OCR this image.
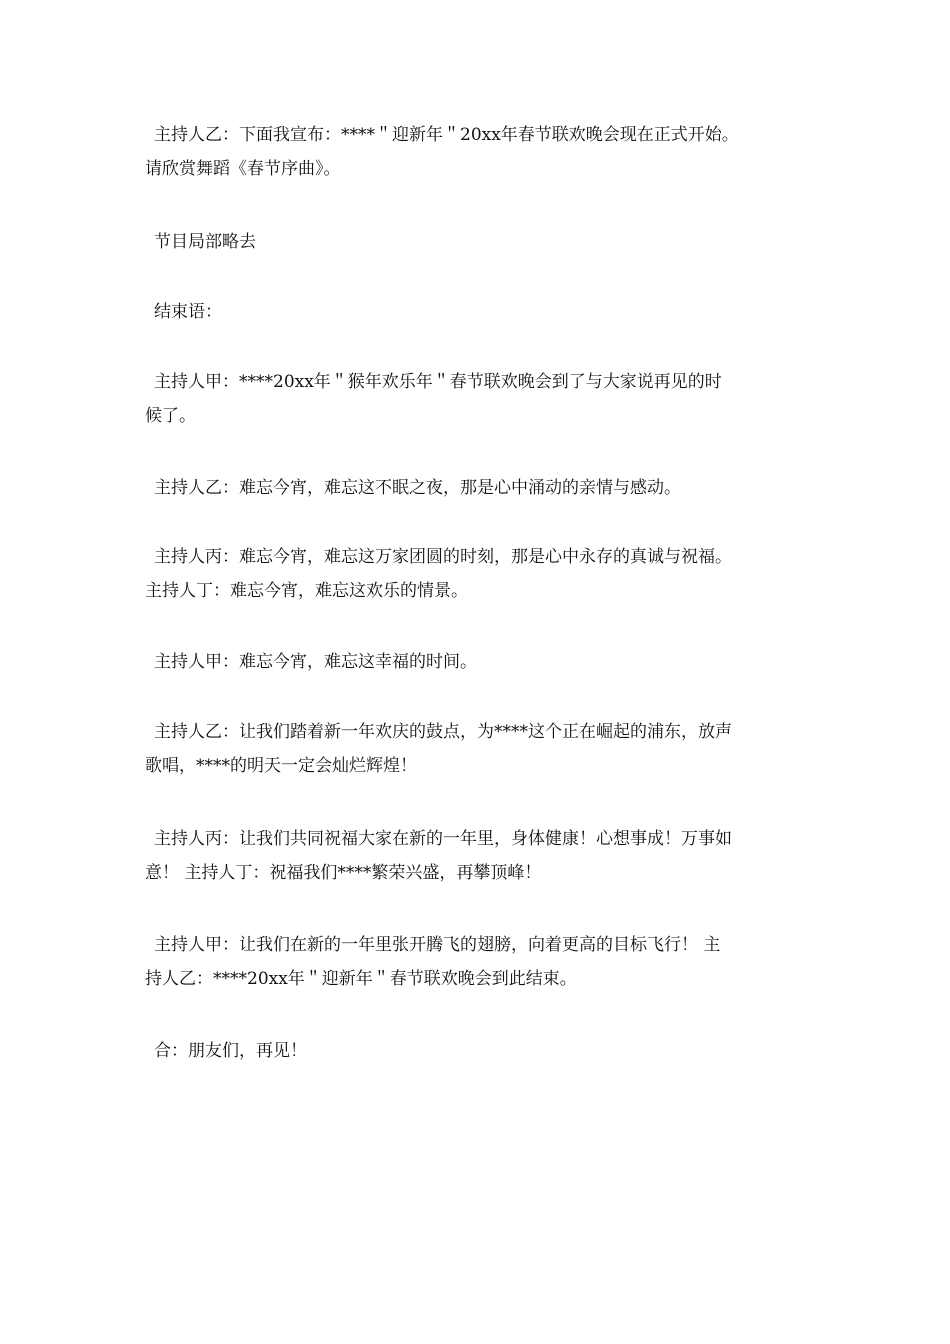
主持人乙：下面我宣布：****＂迎新年＂20xx年春节联欢晚会现在正式开始。
请欣赏舞蹈《春节序曲》。

节目局部略去

结束语：

主持人甲：****20xx年＂猴年欢乐年＂春节联欢晚会到了与大家说再见的时
候了。

主持人乙：难忘今宵，难忘这不眠之夜，那是心中涌动的亲情与感动。

主持人丙：难忘今宵，难忘这万家团圆的时刻，那是心中永存的真诚与祝福。
主持人丁：难忘今宵，难忘这欢乐的情景。

主持人甲：难忘今宵，难忘这幸福的时间。

主持人乙：让我们踏着新一年欢庆的鼓点，为****这个正在崛起的浦东，放声
歌唱，****的明天一定会灿烂辉煌！

主持人丙：让我们共同祝福大家在新的一年里，身体健康！心想事成！万事如
意！ 主持人丁：祝福我们****繁荣兴盛，再攀顶峰！

主持人甲：让我们在新的一年里张开腾飞的翅膀，向着更高的目标飞行！ 主
持人乙：****20xx年＂迎新年＂春节联欢晚会到此结束。

合：朋友们，再见！
